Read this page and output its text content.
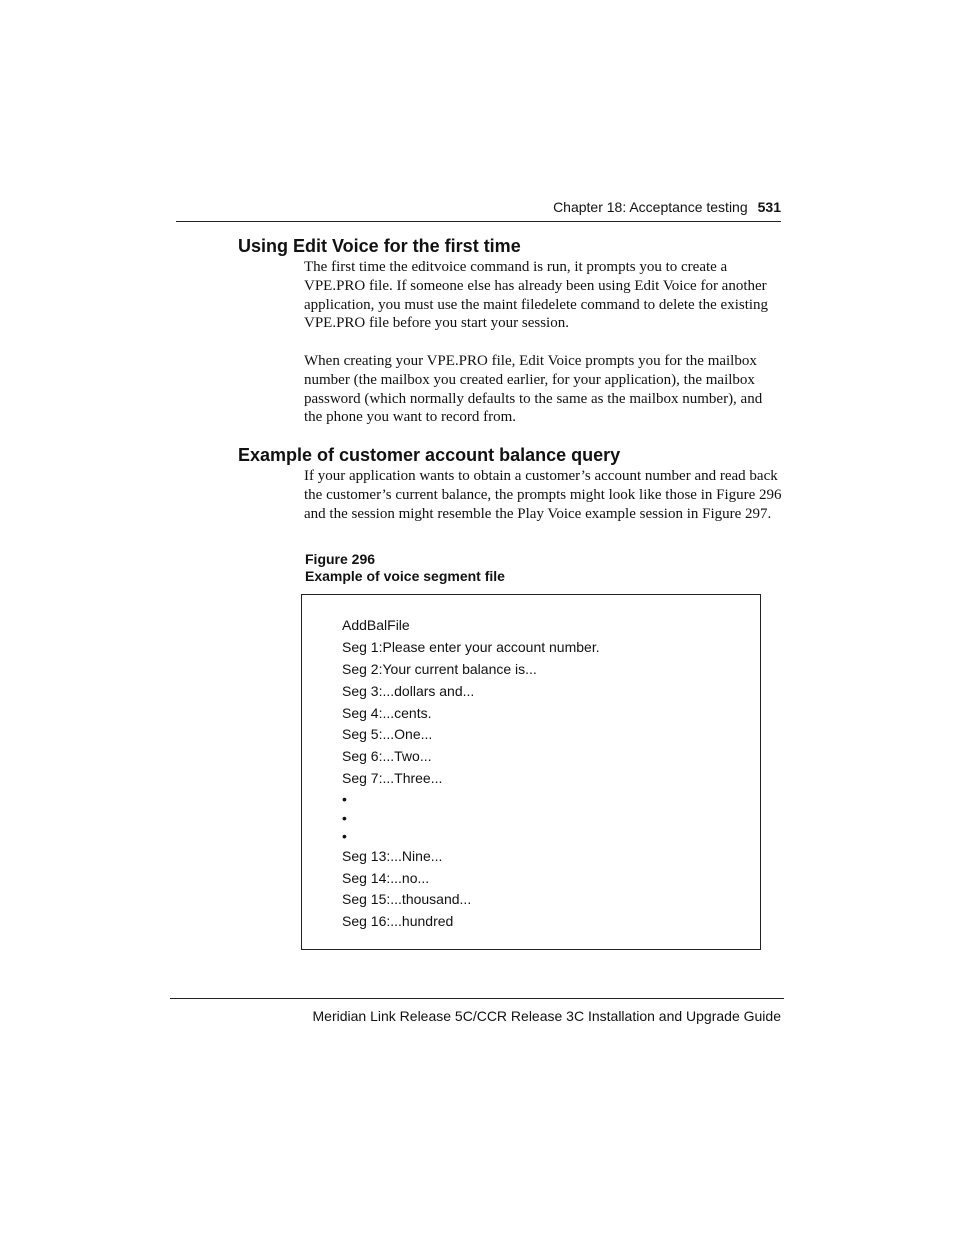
Chapter 18: Acceptance testing 531
Using Edit Voice for the first time

The first time the editvoice command is run, it prompts you to create a VPE.PRO file. If someone else has already been using Edit Voice for another application, you must use the maint filedelete command to delete the existing VPE.PRO file before you start your session.

When creating your VPE.PRO file, Edit Voice prompts you for the mailbox number (the mailbox you created earlier, for your application), the mailbox password (which normally defaults to the same as the mailbox number), and the phone you want to record from.

Example of customer account balance query

If your application wants to obtain a customer’s account number and read back the customer’s current balance, the prompts might look like those in Figure 296 and the session might resemble the Play Voice example session in Figure 297.

Figure 296
Example of voice segment file
AddBalFile
Seg 1:Please enter your account number.
Seg 2:Your current balance is...
Seg 3:...dollars and...
Seg 4:...cents.
Seg 5:...One...
Seg 6:...Two...
Seg 7:...Three...
•
•
•
Seg 13:...Nine...
Seg 14:...no...
Seg 15:...thousand...
Seg 16:...hundred
Meridian Link Release 5C/CCR Release 3C Installation and Upgrade Guide
